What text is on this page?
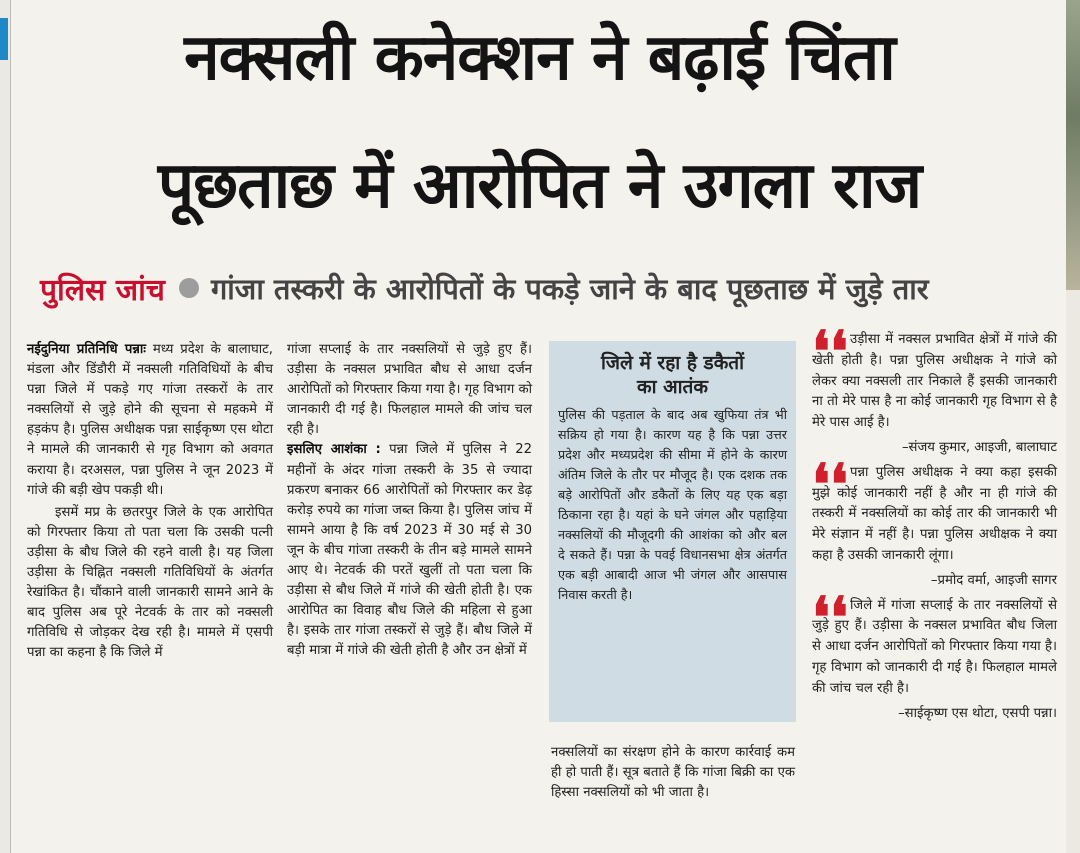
नक्सली कनेक्शन ने बढ़ाई चिंता
पूछताछ में आरोपित ने उगला राज
पुलिस जांच गांजा तस्करी के आरोपितों के पकड़े जाने के बाद पूछताछ में जुड़े तार

नईदुनिया प्रतिनिधि पन्नाः मध्य प्रदेश के बालाघाट, मंडला और डिंडौरी में नक्सली गतिविधियों के बीच पन्ना जिले में पकड़े गए गांजा तस्करों के तार नक्सलियों से जुड़े होने की सूचना से महकमे में हड़कंप है। पुलिस अधीक्षक पन्ना साईकृष्ण एस थोटा ने मामले की जानकारी से गृह विभाग को अवगत कराया है। दरअसल, पन्ना पुलिस ने जून 2023 में गांजे की बड़ी खेप पकड़ी थी।

इसमें मप्र के छतरपुर जिले के एक आरोपित को गिरफ्तार किया तो पता चला कि उसकी पत्नी उड़ीसा के बौध जिले की रहने वाली है। यह जिला उड़ीसा के चिह्नित नक्सली गतिविधियों के अंतर्गत रेखांकित है। चौंकाने वाली जानकारी सामने आने के बाद पुलिस अब पूरे नेटवर्क के तार को नक्सली गतिविधि से जोड़कर देख रही है। मामले में एसपी पन्ना का कहना है कि जिले में

गांजा सप्लाई के तार नक्सलियों से जुड़े हुए हैं। उड़ीसा के नक्सल प्रभावित बौध से आधा दर्जन आरोपितों को गिरफ्तार किया गया है। गृह विभाग को जानकारी दी गई है। फिलहाल मामले की जांच चल रही है।

इसलिए आशंका : पन्ना जिले में पुलिस ने 22 महीनों के अंदर गांजा तस्करी के 35 से ज्यादा प्रकरण बनाकर 66 आरोपितों को गिरफ्तार कर डेढ़ करोड़ रुपये का गांजा जब्त किया है। पुलिस जांच में सामने आया है कि वर्ष 2023 में 30 मई से 30 जून के बीच गांजा तस्करी के तीन बड़े मामले सामने आए थे। नेटवर्क की परतें खुलीं तो पता चला कि उड़ीसा से बौध जिले में गांजे की खेती होती है। एक आरोपित का विवाह बौध जिले की महिला से हुआ है। इसके तार गांजा तस्करों से जुड़े हैं। बौध जिले में बड़ी मात्रा में गांजे की खेती होती है और उन क्षेत्रों में

जिले में रहा है डकैतों
का आतंक

पुलिस की पड़ताल के बाद अब खुफिया तंत्र भी सक्रिय हो गया है। कारण यह है कि पन्ना उत्तर प्रदेश और मध्यप्रदेश की सीमा में होने के कारण अंतिम जिले के तौर पर मौजूद है। एक दशक तक बड़े आरोपितों और डकैतों के लिए यह एक बड़ा ठिकाना रहा है। यहां के घने जंगल और पहाड़िया नक्सलियों की मौजूदगी की आशंका को और बल दे सकते हैं। पन्ना के पवई विधानसभा क्षेत्र अंतर्गत एक बड़ी आबादी आज भी जंगल और आसपास निवास करती है।

नक्सलियों का संरक्षण होने के कारण कार्रवाई कम ही हो पाती हैं। सूत्र बताते हैं कि गांजा बिक्री का एक हिस्सा नक्सलियों को भी जाता है।

❛❛ उड़ीसा में नक्सल प्रभावित क्षेत्रों में गांजे की खेती होती है। पन्ना पुलिस अधीक्षक ने गांजे को लेकर क्या नक्सली तार निकाले हैं इसकी जानकारी ना तो मेरे पास है ना कोई जानकारी गृह विभाग से है मेरे पास आई है।

–संजय कुमार, आइजी, बालाघाट
❛❛ पन्ना पुलिस अधीक्षक ने क्या कहा इसकी मुझे कोई जानकारी नहीं है और ना ही गांजे की तस्करी में नक्सलियों का कोई तार की जानकारी भी मेरे संज्ञान में नहीं है। पन्ना पुलिस अधीक्षक ने क्या कहा है उसकी जानकारी लूंगा।

–प्रमोद वर्मा, आइजी सागर
❛❛ जिले में गांजा सप्लाई के तार नक्सलियों से जुड़े हुए हैं। उड़ीसा के नक्सल प्रभावित बौध जिला से आधा दर्जन आरोपितों को गिरफ्तार किया गया है। गृह विभाग को जानकारी दी गई है। फिलहाल मामले की जांच चल रही है।

–साईकृष्ण एस थोटा, एसपी पन्ना।
